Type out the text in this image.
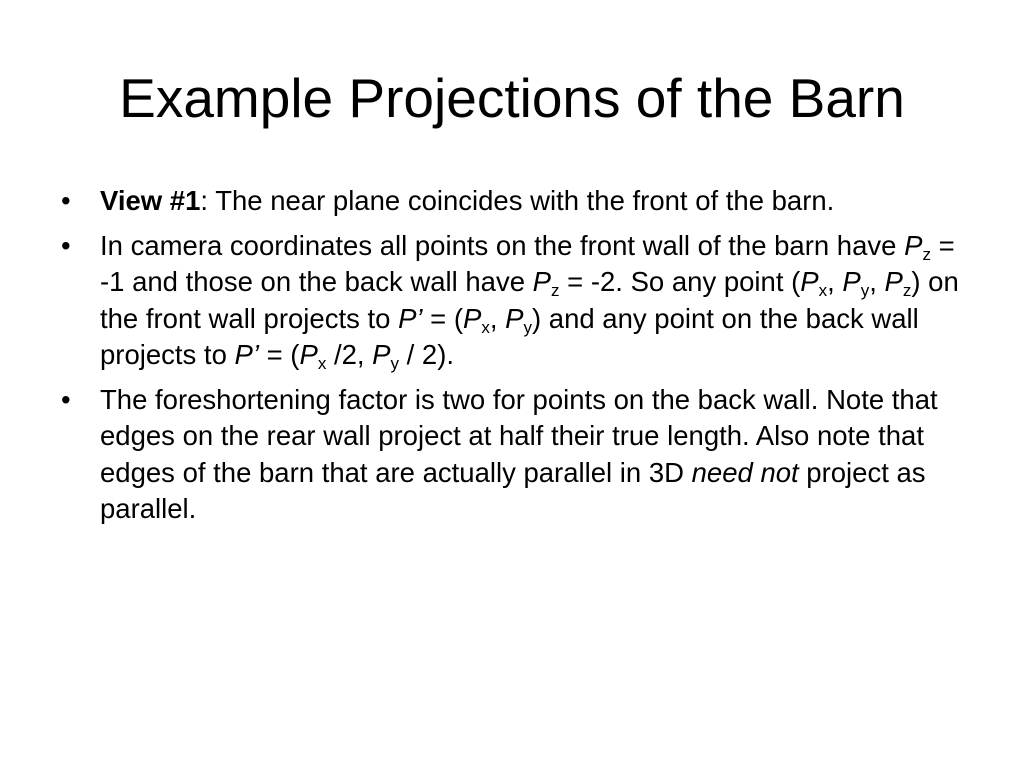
Example Projections of the Barn
• View #1: The near plane coincides with the front of the barn.
• In camera coordinates all points on the front wall of the barn have $P_z = -1$ and those on the back wall have $P_z = -2$. So any point ($P_x$, $P_y$, $P_z$) on the front wall projects to P’ = ($P_x$, $P_y$) and any point on the back wall projects to P’ = ($P_x$ /2, $P_y / 2$).
• The foreshortening factor is two for points on the back wall. Note that edges on the rear wall project at half their true length. Also note that edges of the barn that are actually parallel in 3D need not project as parallel.
